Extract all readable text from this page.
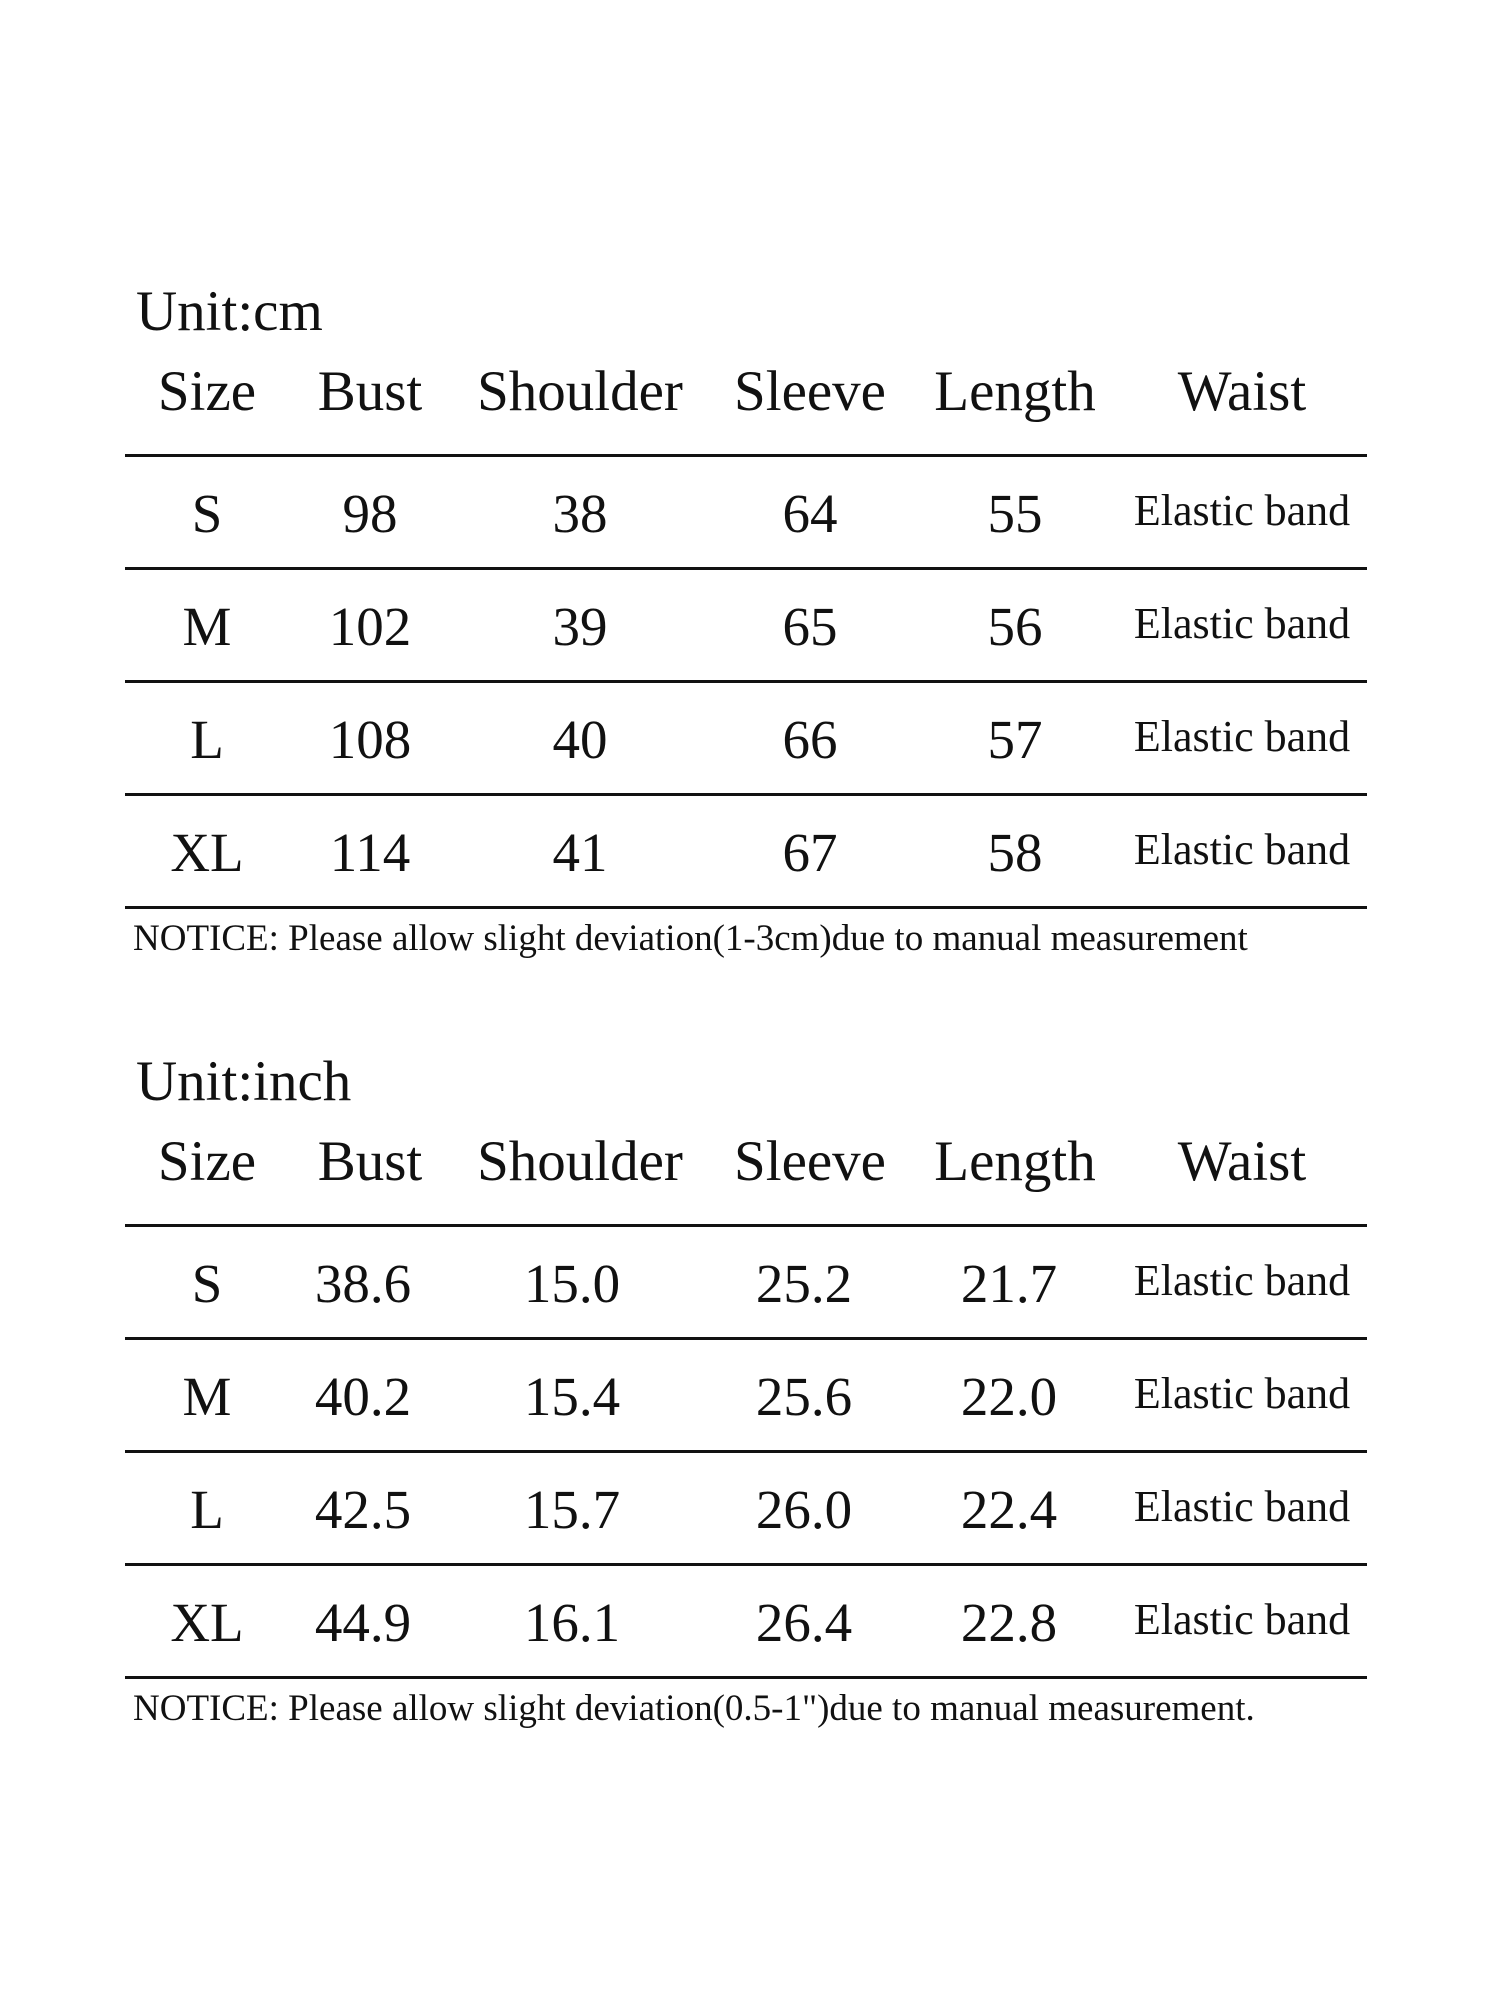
Unit:cm
Size Bust Shoulder Sleeve Length Waist
S 98	38	64	55 Elastic band
M 102	39	65	56 Elastic band
L 108	40	66	57 Elastic band
XL 114	41	67	58 Elastic band
NOTICE: Please allow slight deviation(1-3cm)due to manual measurement
Unit:inch
Size Bust Shoulder Sleeve Length Waist
S 38.6 15.0 25.2 21.7 Elastic band
M 40.2 15.4 25.6 22.0 Elastic band
L 42.5 15.7 26.0 22.4 Elastic band
XL 44.9 16.1 26.4 22.8 Elastic band
NOTICE: Please allow slight deviation(0.5-1")due to manual measurement.
